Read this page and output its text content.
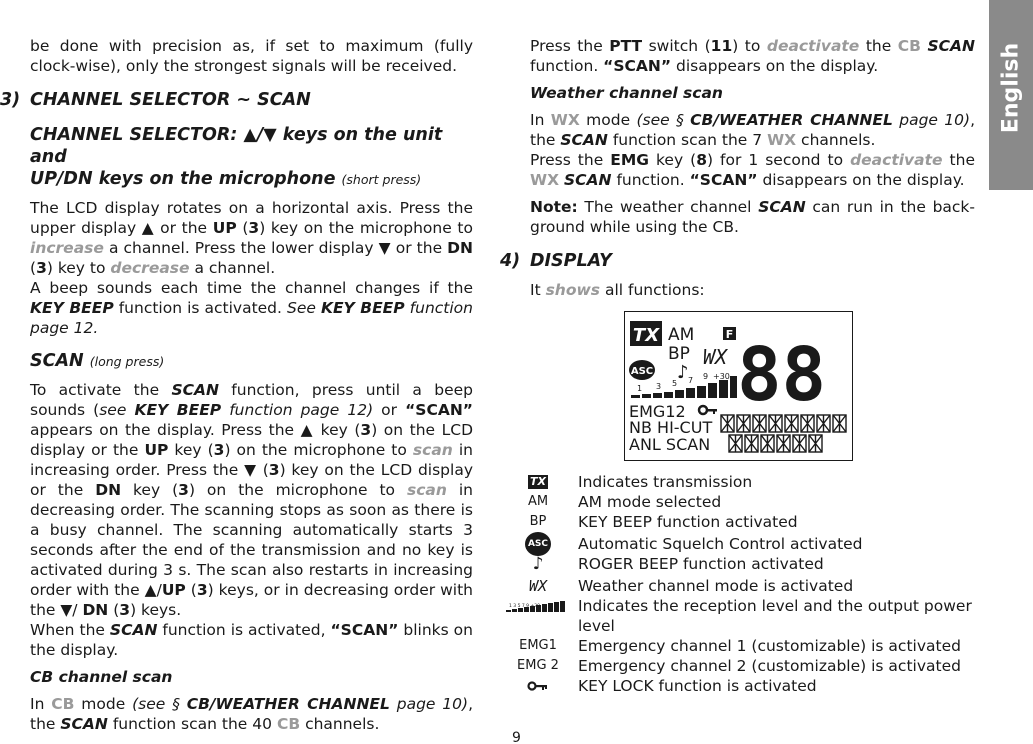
English

be done with precision as, if set to maximum (fully clock-wise), only the strongest signals will be received.

3) CHANNEL SELECTOR ~ SCAN
CHANNEL SELECTOR: ▲/▼ keys on the unit and
UP/DN keys on the microphone (short press)

The LCD display rotates on a horizontal axis. Press the upper display ▲ or the UP (3) key on the microphone to increase a channel. Press the lower display ▼ or the DN (3) key to decrease a channel.

A beep sounds each time the channel changes if the KEY BEEP function is activated. See KEY BEEP function page 12.

SCAN (long press)

To activate the SCAN function, press until a beep sounds (see KEY BEEP function page 12) or “SCAN” appears on the display. Press the ▲ key (3) on the LCD display or the UP key (3) on the microphone to scan in increasing order. Press the ▼ (3) key on the LCD display or the DN key (3) on the microphone to scan in decreasing order. The scanning stops as soon as there is a busy channel. The scanning automatically starts 3 seconds after the end of the transmission and no key is activated during 3 s. The scan also restarts in increasing order with the ▲/UP (3) keys, or in decreasing order with the ▼/ DN (3) keys.

When the SCAN function is activated, “SCAN” blinks on the display.

CB channel scan

In CB mode (see § CB/WEATHER CHANNEL page 10), the SCAN function scan the 40 CB channels.

Press the PTT switch (11) to deactivate the CB SCAN function. “SCAN” disappears on the display.

Weather channel scan

In WX mode (see § CB/WEATHER CHANNEL page 10), the SCAN function scan the 7 WX channels.

Press the EMG key (8) for 1 second to deactivate the WX SCAN function. “SCAN” disappears on the display.

Note: The weather channel SCAN can run in the back-ground while using the CB.

4) DISPLAY

It shows all functions:

TX AM
BP
F
ASC ♪
WX 88
1 3 5 7 9 +30
EMG12
NB HI-CUT
ANL SCAN
TX Indicates transmission
AM	AM mode selected
BP	KEY BEEP function activated
ASC Automatic Squelch Control activated
♪	ROGER BEEP function activated
WX	Weather channel mode is activated
1 3 5 7 9 +30 Indicates the reception level and the output power level
EMG1	Emergency channel 1 (customizable) is activated
EMG 2	Emergency channel 2 (customizable) is activated
KEY LOCK function is activated
9
